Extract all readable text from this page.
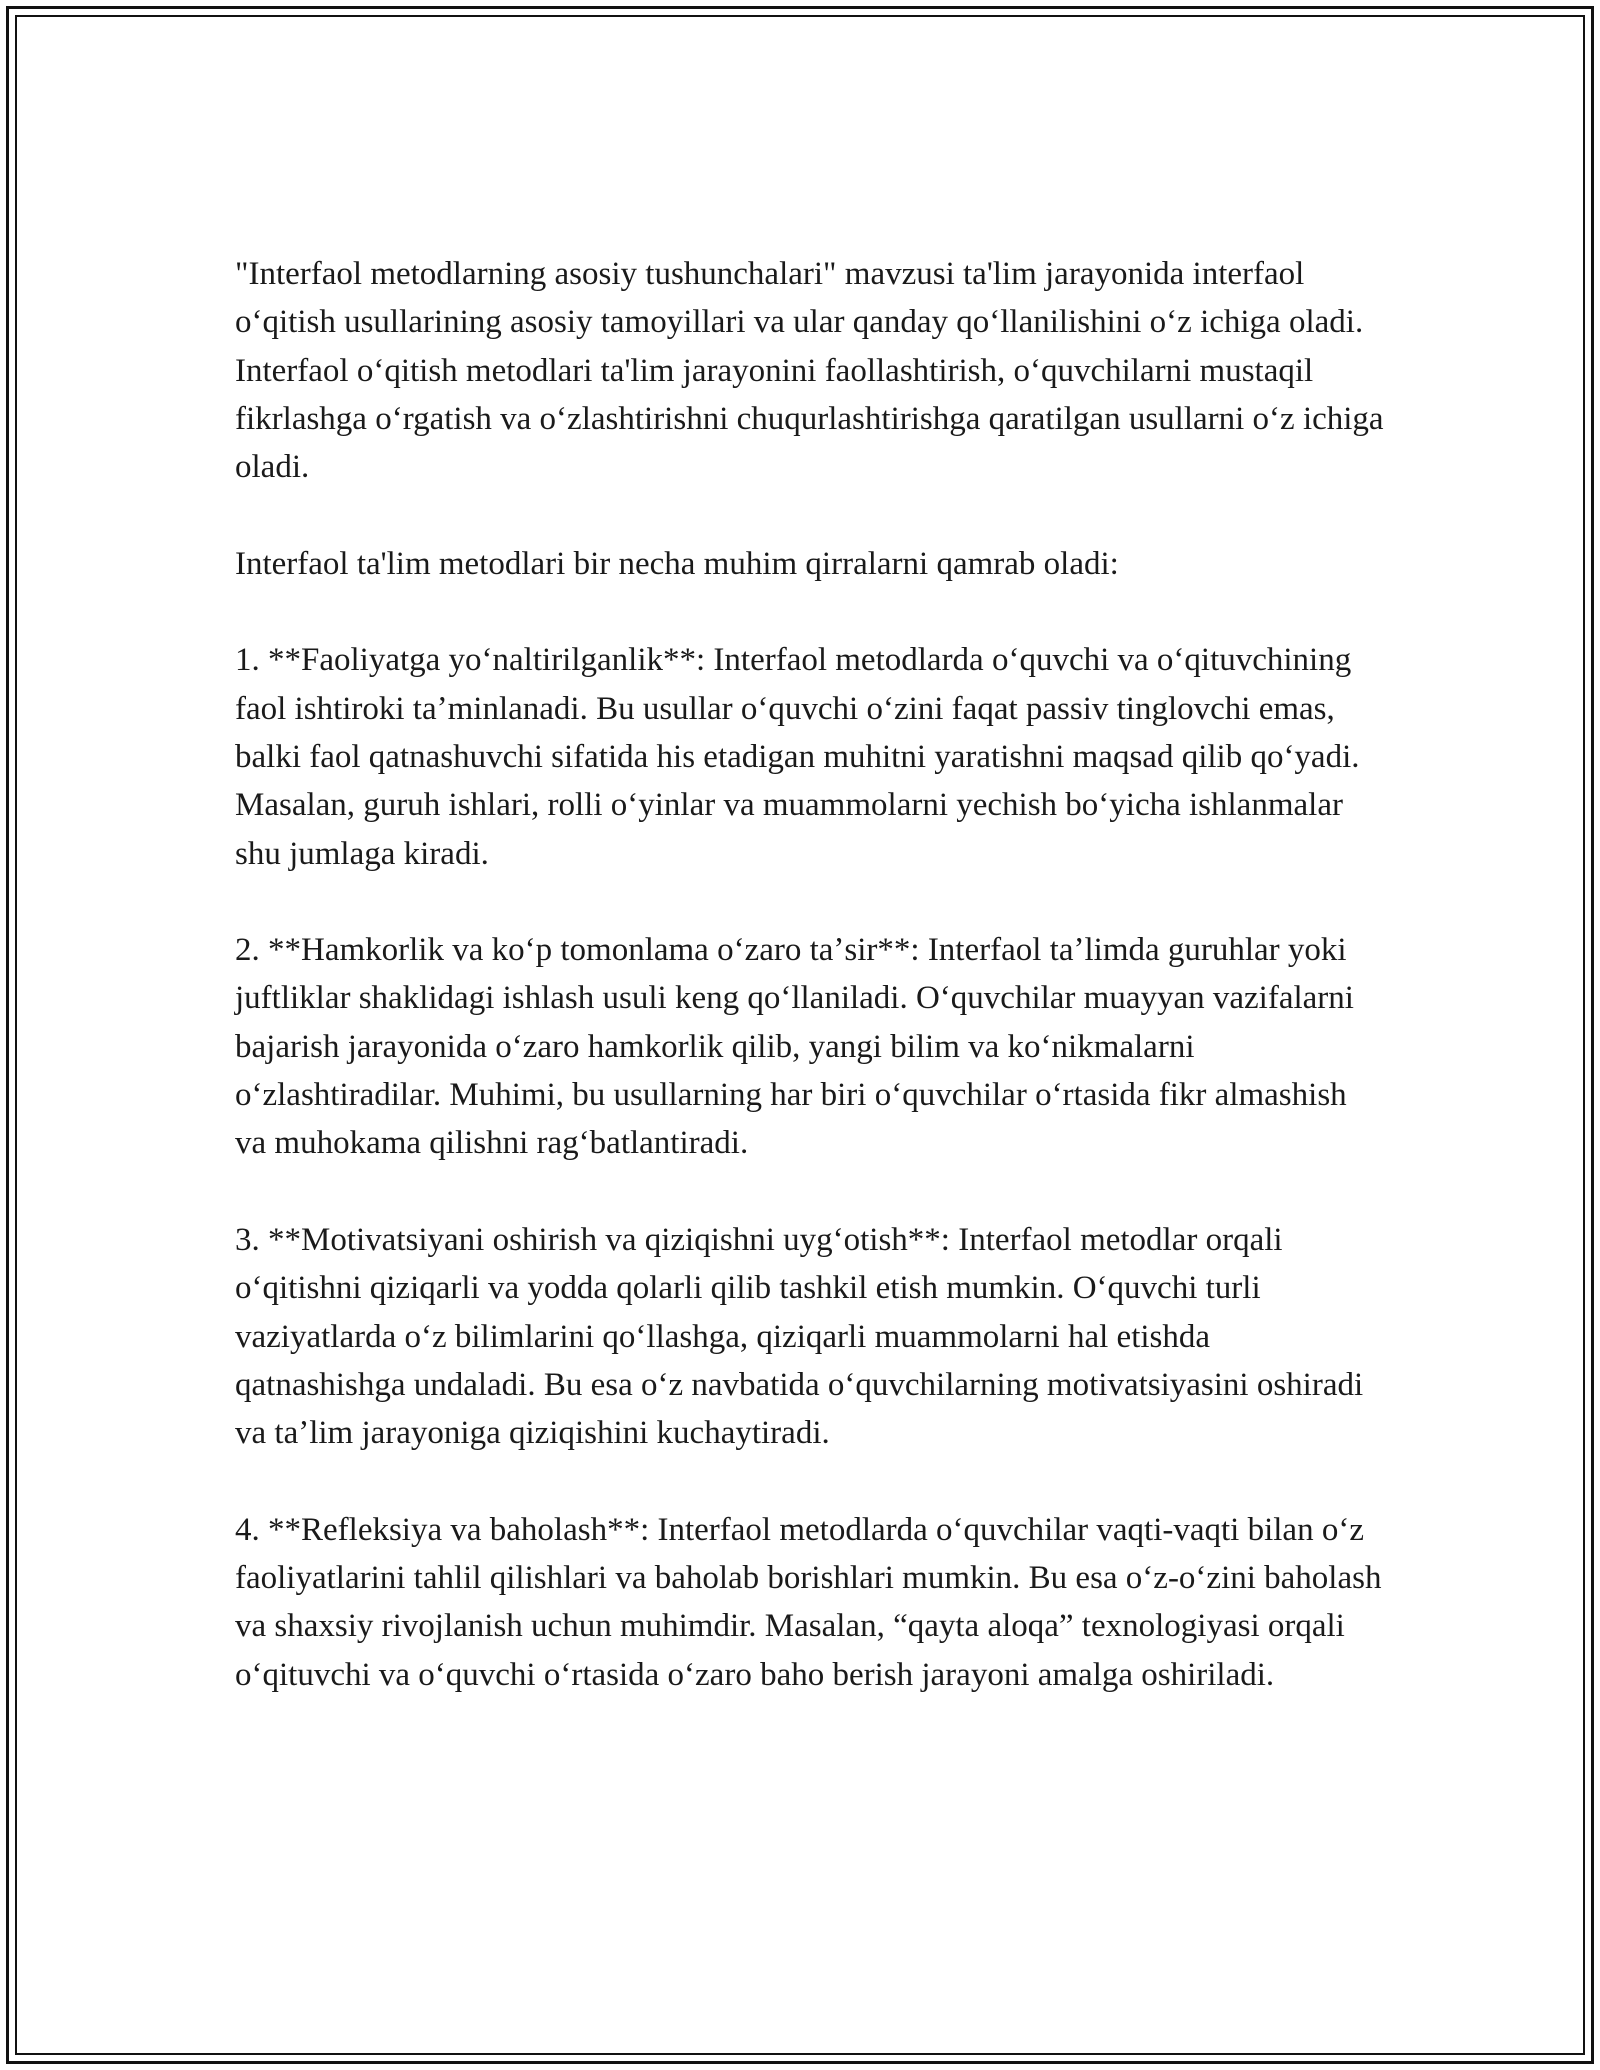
"Interfaol metodlarning asosiy tushunchalari" mavzusi ta'lim jarayonida interfaol oʻqitish usullarining asosiy tamoyillari va ular qanday qoʻllanilishini oʻz ichiga oladi. Interfaol oʻqitish metodlari ta'lim jarayonini faollashtirish, oʻquvchilarni mustaqil fikrlashga oʻrgatish va oʻzlashtirishni chuqurlashtirishga qaratilgan usullarni oʻz ichiga oladi.

Interfaol ta'lim metodlari bir necha muhim qirralarni qamrab oladi:

1. **Faoliyatga yoʻnaltirilganlik**: Interfaol metodlarda oʻquvchi va oʻqituvchining faol ishtiroki taʼminlanadi. Bu usullar oʻquvchi oʻzini faqat passiv tinglovchi emas, balki faol qatnashuvchi sifatida his etadigan muhitni yaratishni maqsad qilib qoʻyadi. Masalan, guruh ishlari, rolli oʻyinlar va muammolarni yechish boʻyicha ishlanmalar shu jumlaga kiradi.

2. **Hamkorlik va koʻp tomonlama oʻzaro taʼsir**: Interfaol taʼlimda guruhlar yoki juftliklar shaklidagi ishlash usuli keng qoʻllaniladi. Oʻquvchilar muayyan vazifalarni bajarish jarayonida oʻzaro hamkorlik qilib, yangi bilim va koʻnikmalarni oʻzlashtiradilar. Muhimi, bu usullarning har biri oʻquvchilar oʻrtasida fikr almashish va muhokama qilishni ragʻbatlantiradi.

3. **Motivatsiyani oshirish va qiziqishni uygʻotish**: Interfaol metodlar orqali oʻqitishni qiziqarli va yodda qolarli qilib tashkil etish mumkin. Oʻquvchi turli vaziyatlarda oʻz bilimlarini qoʻllashga, qiziqarli muammolarni hal etishda qatnashishga undaladi. Bu esa oʻz navbatida oʻquvchilarning motivatsiyasini oshiradi va taʼlim jarayoniga qiziqishini kuchaytiradi.

4. **Refleksiya va baholash**: Interfaol metodlarda oʻquvchilar vaqti-vaqti bilan oʻz faoliyatlarini tahlil qilishlari va baholab borishlari mumkin. Bu esa oʻz-oʻzini baholash va shaxsiy rivojlanish uchun muhimdir. Masalan, “qayta aloqa” texnologiyasi orqali oʻqituvchi va oʻquvchi oʻrtasida oʻzaro baho berish jarayoni amalga oshiriladi.
